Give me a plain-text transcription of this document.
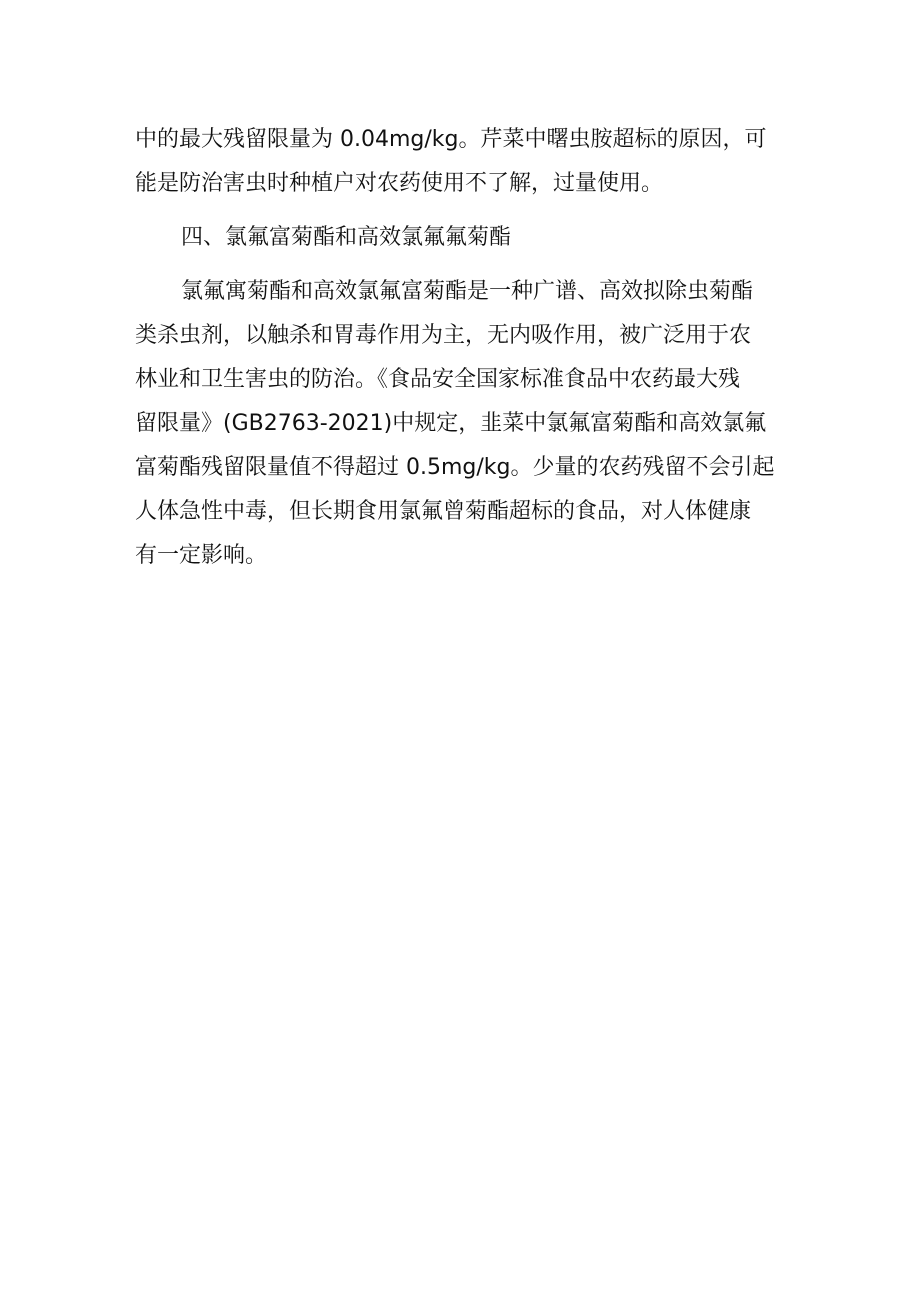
中的最大残留限量为 0.04mg/kg。芹菜中曙虫胺超标的原因，可
能是防治害虫时种植户对农药使用不了解，过量使用。
四、氯氟富菊酯和高效氯氟氟菊酯
氯氟寓菊酯和高效氯氟富菊酯是一种广谱、高效拟除虫菊酯
类杀虫剂，以触杀和胃毒作用为主，无内吸作用，被广泛用于农
林业和卫生害虫的防治。《食品安全国家标准食品中农药最大残
留限量》(GB2763-2021)中规定，韭菜中氯氟富菊酯和高效氯氟
富菊酯残留限量值不得超过 0.5mg/kg。少量的农药残留不会引起
人体急性中毒，但长期食用氯氟曾菊酯超标的食品，对人体健康
有一定影响。
